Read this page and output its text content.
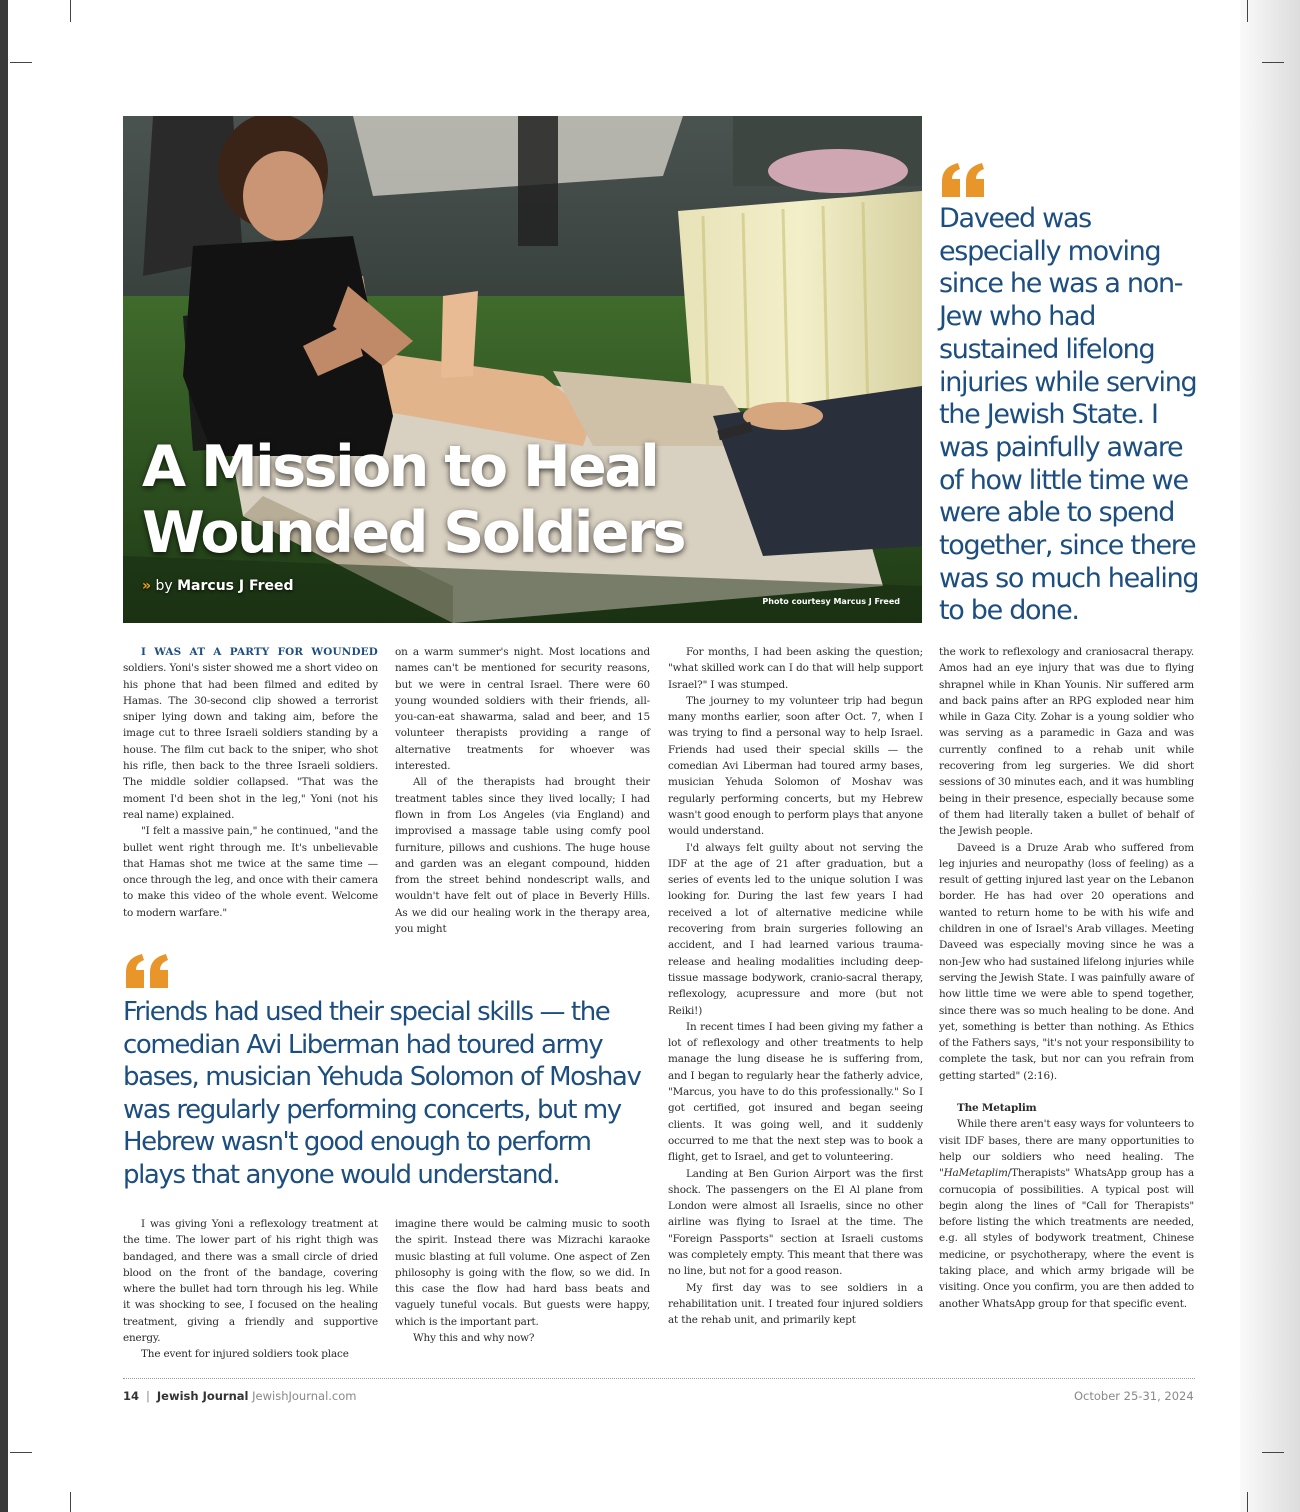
A Mission to Heal
Wounded Soldiers
» by Marcus J Freed
Photo courtesy Marcus J Freed
Daveed was especially moving since he was a non-Jew who had sustained lifelong injuries while serving the Jewish State. I was painfully aware of how little time we were able to spend together, since there was so much healing to be done.

I WAS AT A PARTY FOR WOUNDED soldiers. Yoni's sister showed me a short video on his phone that had been filmed and edited by Hamas. The 30-second clip showed a terrorist sniper lying down and taking aim, before the image cut to three Israeli soldiers standing by a house. The film cut back to the sniper, who shot his rifle, then back to the three Israeli soldiers. The middle soldier collapsed. "That was the moment I'd been shot in the leg," Yoni (not his real name) explained.

"I felt a massive pain," he continued, "and the bullet went right through me. It's unbelievable that Hamas shot me twice at the same time — once through the leg, and once with their camera to make this video of the whole event. Welcome to modern warfare."

on a warm summer's night. Most locations and names can't be mentioned for security reasons, but we were in central Israel. There were 60 young wounded soldiers with their friends, all-you-can-eat shawarma, salad and beer, and 15 volunteer therapists providing a range of alternative treatments for whoever was interested.

All of the therapists had brought their treatment tables since they lived locally; I had flown in from Los Angeles (via England) and improvised a massage table using comfy pool furniture, pillows and cushions. The huge house and garden was an elegant compound, hidden from the street behind nondescript walls, and wouldn't have felt out of place in Beverly Hills. As we did our healing work in the therapy area, you might

Friends had used their special skills — the comedian Avi Liberman had toured army bases, musician Yehuda Solomon of Moshav was regularly performing concerts, but my Hebrew wasn't good enough to perform plays that anyone would understand.

I was giving Yoni a reflexology treatment at the time. The lower part of his right thigh was bandaged, and there was a small circle of dried blood on the front of the bandage, covering where the bullet had torn through his leg. While it was shocking to see, I focused on the healing treatment, giving a friendly and supportive energy.

The event for injured soldiers took place

imagine there would be calming music to sooth the spirit. Instead there was Mizrachi karaoke music blasting at full volume. One aspect of Zen philosophy is going with the flow, so we did. In this case the flow had hard bass beats and vaguely tuneful vocals. But guests were happy, which is the important part.

Why this and why now?

For months, I had been asking the question; "what skilled work can I do that will help support Israel?" I was stumped.

The journey to my volunteer trip had begun many months earlier, soon after Oct. 7, when I was trying to find a personal way to help Israel. Friends had used their special skills — the comedian Avi Liberman had toured army bases, musician Yehuda Solomon of Moshav was regularly performing concerts, but my Hebrew wasn't good enough to perform plays that anyone would understand.

I'd always felt guilty about not serving the IDF at the age of 21 after graduation, but a series of events led to the unique solution I was looking for. During the last few years I had received a lot of alternative medicine while recovering from brain surgeries following an accident, and I had learned various trauma-release and healing modalities including deep-tissue massage bodywork, cranio-sacral therapy, reflexology, acupressure and more (but not Reiki!)

In recent times I had been giving my father a lot of reflexology and other treatments to help manage the lung disease he is suffering from, and I began to regularly hear the fatherly advice, "Marcus, you have to do this professionally." So I got certified, got insured and began seeing clients. It was going well, and it suddenly occurred to me that the next step was to book a flight, get to Israel, and get to volunteering.

Landing at Ben Gurion Airport was the first shock. The passengers on the El Al plane from London were almost all Israelis, since no other airline was flying to Israel at the time. The "Foreign Passports" section at Israeli customs was completely empty. This meant that there was no line, but not for a good reason.

My first day was to see soldiers in a rehabilitation unit. I treated four injured soldiers at the rehab unit, and primarily kept

the work to reflexology and craniosacral therapy. Amos had an eye injury that was due to flying shrapnel while in Khan Younis. Nir suffered arm and back pains after an RPG exploded near him while in Gaza City. Zohar is a young soldier who was serving as a paramedic in Gaza and was currently confined to a rehab unit while recovering from leg surgeries. We did short sessions of 30 minutes each, and it was humbling being in their presence, especially because some of them had literally taken a bullet of behalf of the Jewish people.

Daveed is a Druze Arab who suffered from leg injuries and neuropathy (loss of feeling) as a result of getting injured last year on the Lebanon border. He has had over 20 operations and wanted to return home to be with his wife and children in one of Israel's Arab villages. Meeting Daveed was especially moving since he was a non-Jew who had sustained lifelong injuries while serving the Jewish State. I was painfully aware of how little time we were able to spend together, since there was so much healing to be done. And yet, something is better than nothing. As Ethics of the Fathers says, "it's not your responsibility to complete the task, but nor can you refrain from getting started" (2:16).

The Metaplim

While there aren't easy ways for volunteers to visit IDF bases, there are many opportunities to help our soldiers who need healing. The "HaMetaplim/Therapists" WhatsApp group has a cornucopia of possibilities. A typical post will begin along the lines of "Call for Therapists" before listing the which treatments are needed, e.g. all styles of bodywork treatment, Chinese medicine, or psychotherapy, where the event is taking place, and which army brigade will be visiting. Once you confirm, you are then added to another WhatsApp group for that specific event.

14 | Jewish Journal JewishJournal.com	October 25-31, 2024
